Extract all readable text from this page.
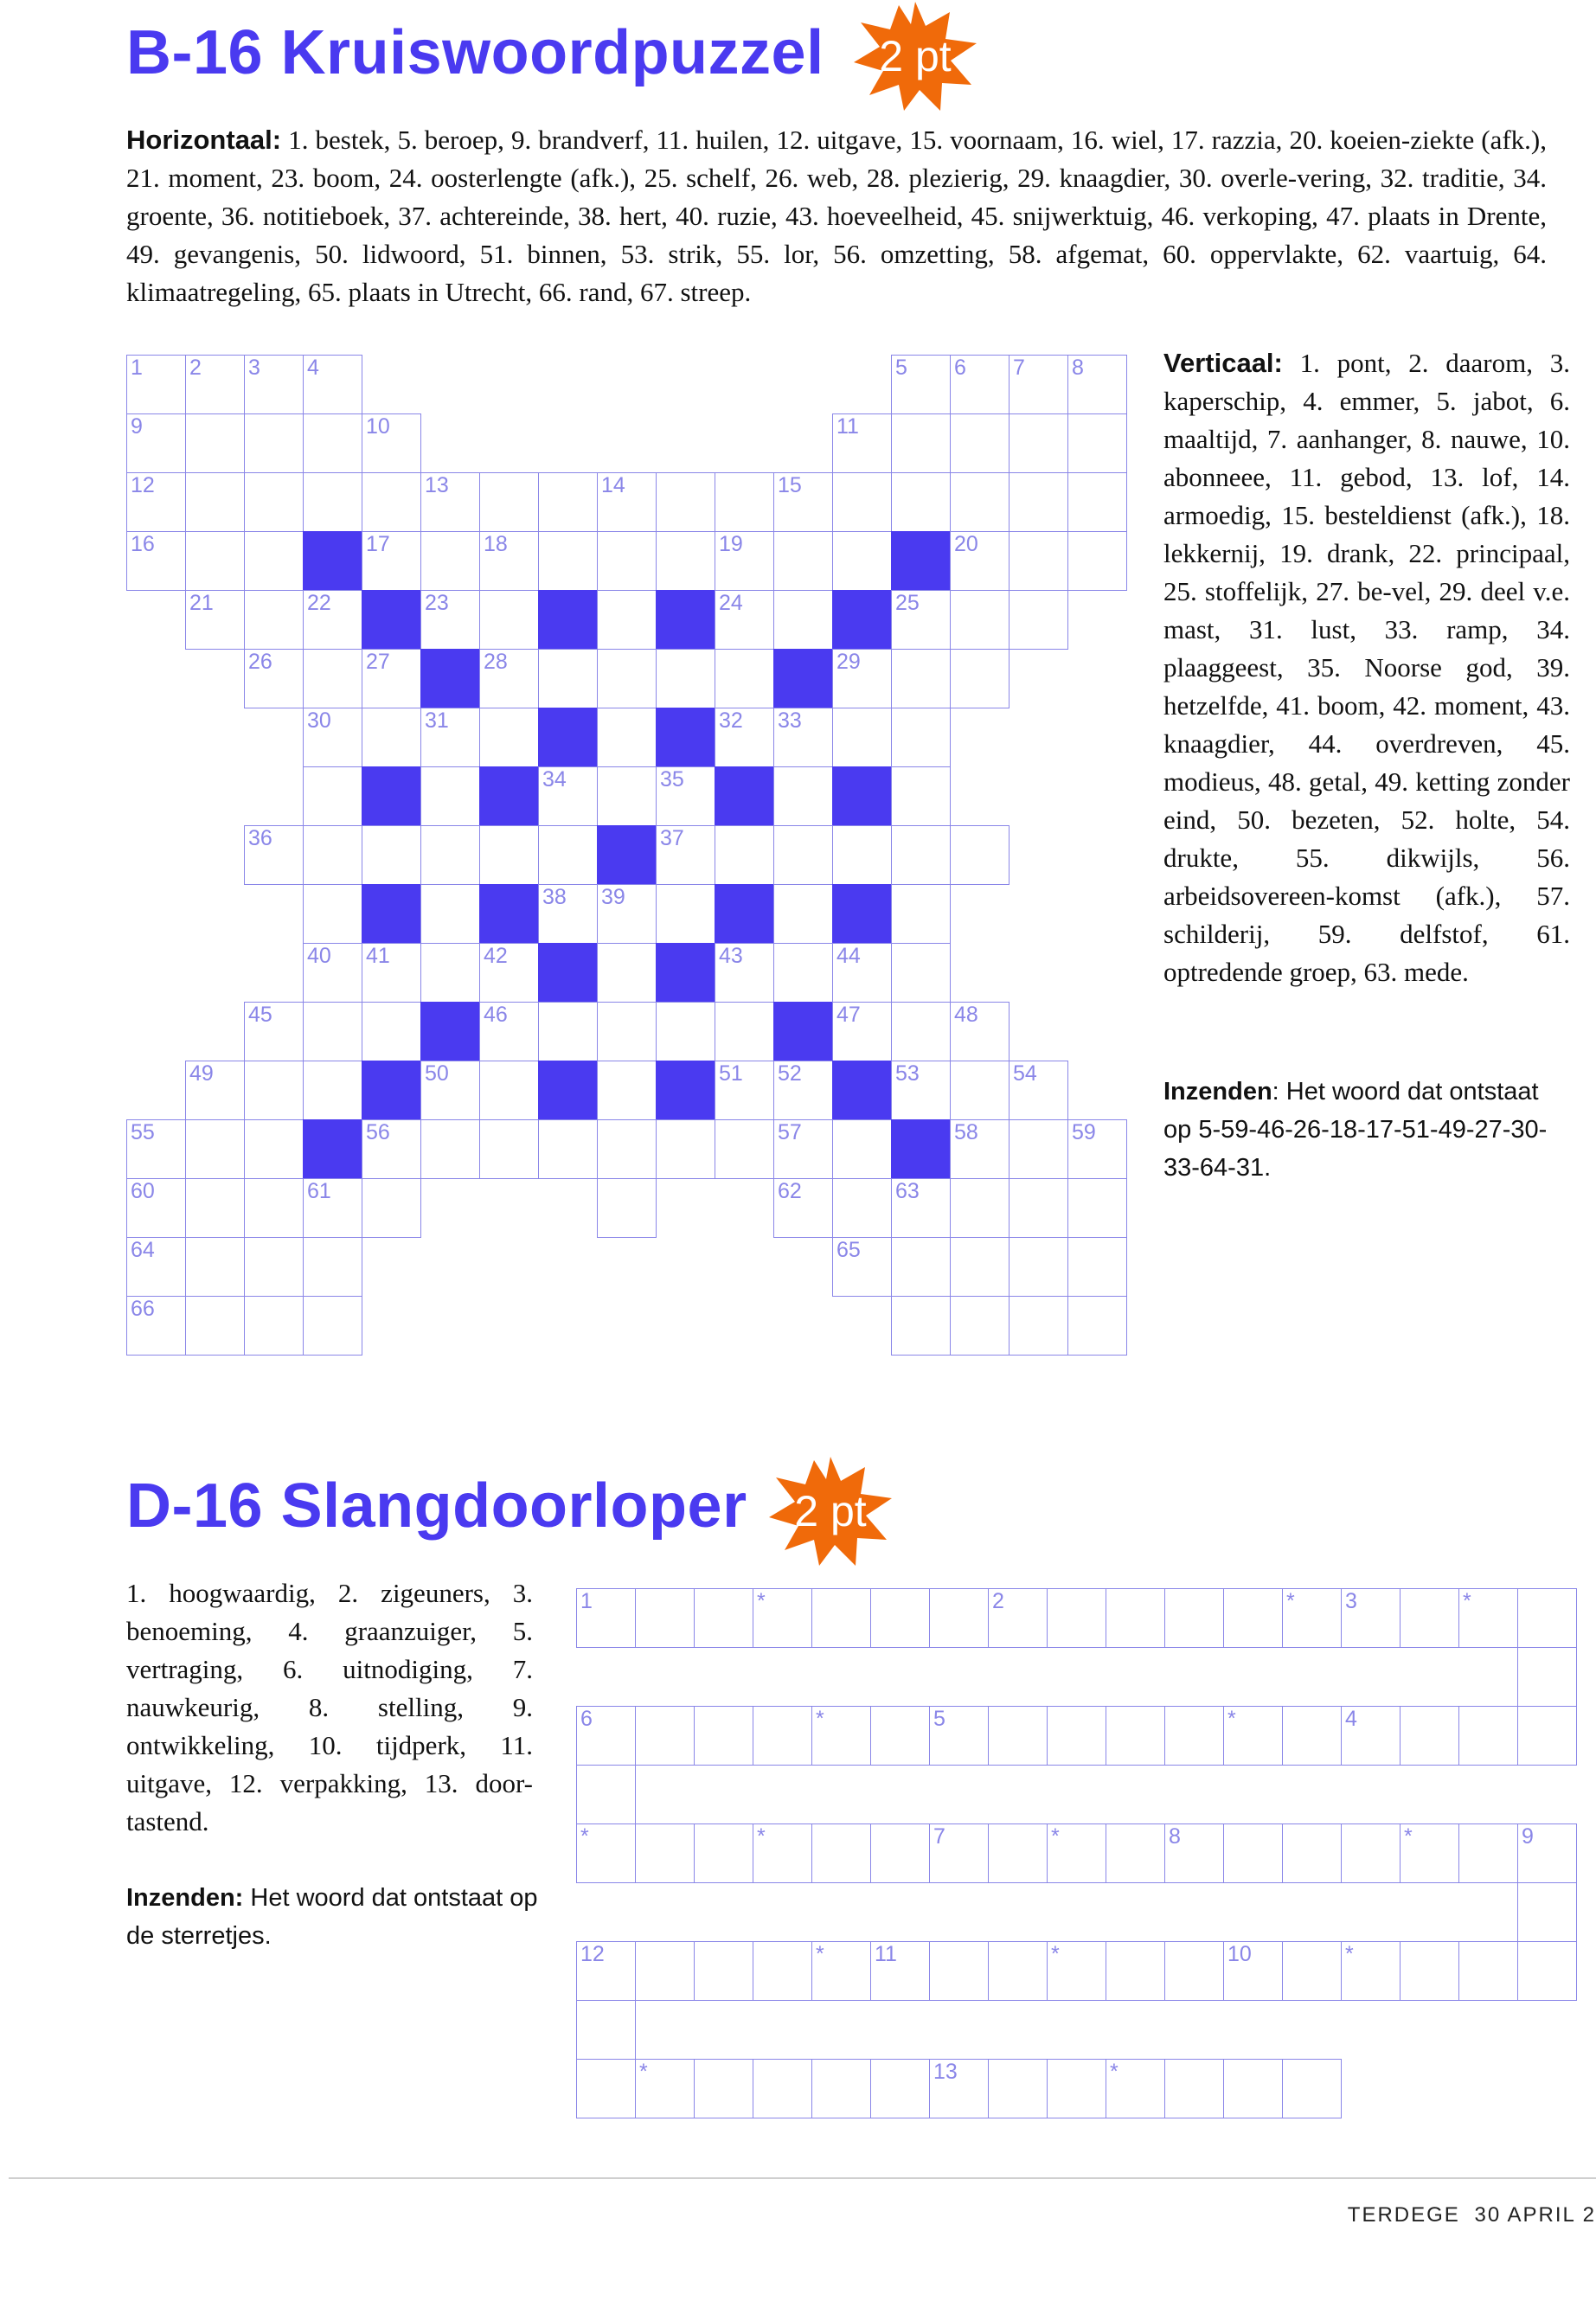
B-16 Kruiswoordpuzzel	2 pt
Horizontaal: 1. bestek, 5. beroep, 9. brandverf, 11. huilen, 12. uitgave, 15. voornaam, 16. wiel, 17. razzia, 20. koeien-ziekte (afk.), 21. moment, 23. boom, 24. oosterlengte (afk.), 25. schelf, 26. web, 28. plezierig, 29. knaagdier, 30. overle-vering, 32. traditie, 34. groente, 36. notitieboek, 37. achtereinde, 38. hert, 40. ruzie, 43. hoeveelheid, 45. snijwerktuig, 46. verkoping, 47. plaats in Drente, 49. gevangenis, 50. lidwoord, 51. binnen, 53. strik, 55. lor, 56. omzetting, 58. afgemat, 60. oppervlakte, 62. vaartuig, 64. klimaatregeling, 65. plaats in Utrecht, 66. rand, 67. streep.
1 2 3 4	5 6 7 8
9	10	11
12	13	14	15
16	17	18	19	20
21	22	23	24	25
26	27	28	29
30	31	32 33
34	35
36	37
38 39
40 41	42	43	44
45	46	47	48
49	50	51 52	53	54
55	56	57	58	59
60	61	62	63
64	65
66
Verticaal: 1. pont, 2. daarom, 3. kaperschip, 4. emmer, 5. jabot, 6. maaltijd, 7. aanhanger, 8. nauwe, 10. abonneee, 11. gebod, 13. lof, 14. armoedig, 15. besteldienst (afk.), 18. lekkernij, 19. drank, 22. principaal, 25. stoffelijk, 27. be-vel, 29. deel v.e. mast, 31. lust, 33. ramp, 34. plaaggeest, 35. Noorse god, 39. hetzelfde, 41. boom, 42. moment, 43. knaagdier, 44. overdreven, 45. modieus, 48. getal, 49. ketting zonder eind, 50. bezeten, 52. holte, 54. drukte, 55. dikwijls, 56. arbeidsovereen-komst (afk.), 57. schilderij, 59. delfstof, 61. optredende groep, 63. mede.
Inzenden: Het woord dat ontstaat op 5-59-46-26-18-17-51-49-27-30-33-64-31.
D-16 Slangdoorloper	2 pt
1. hoogwaardig, 2. zigeuners, 3. benoeming, 4. graanzuiger, 5. vertraging, 6. uitnodiging, 7. nauwkeurig, 8. stelling, 9. ontwikkeling, 10. tijdperk, 11. uitgave, 12. verpakking, 13. door-tastend.
Inzenden: Het woord dat ontstaat op de sterretjes.
1	*	2	* 3	*
6	*	5	*	4
*	*	7	*	8	*	9
12	* 11	*	10	*
*	13	*
TERDEGE 30 APRIL 2
